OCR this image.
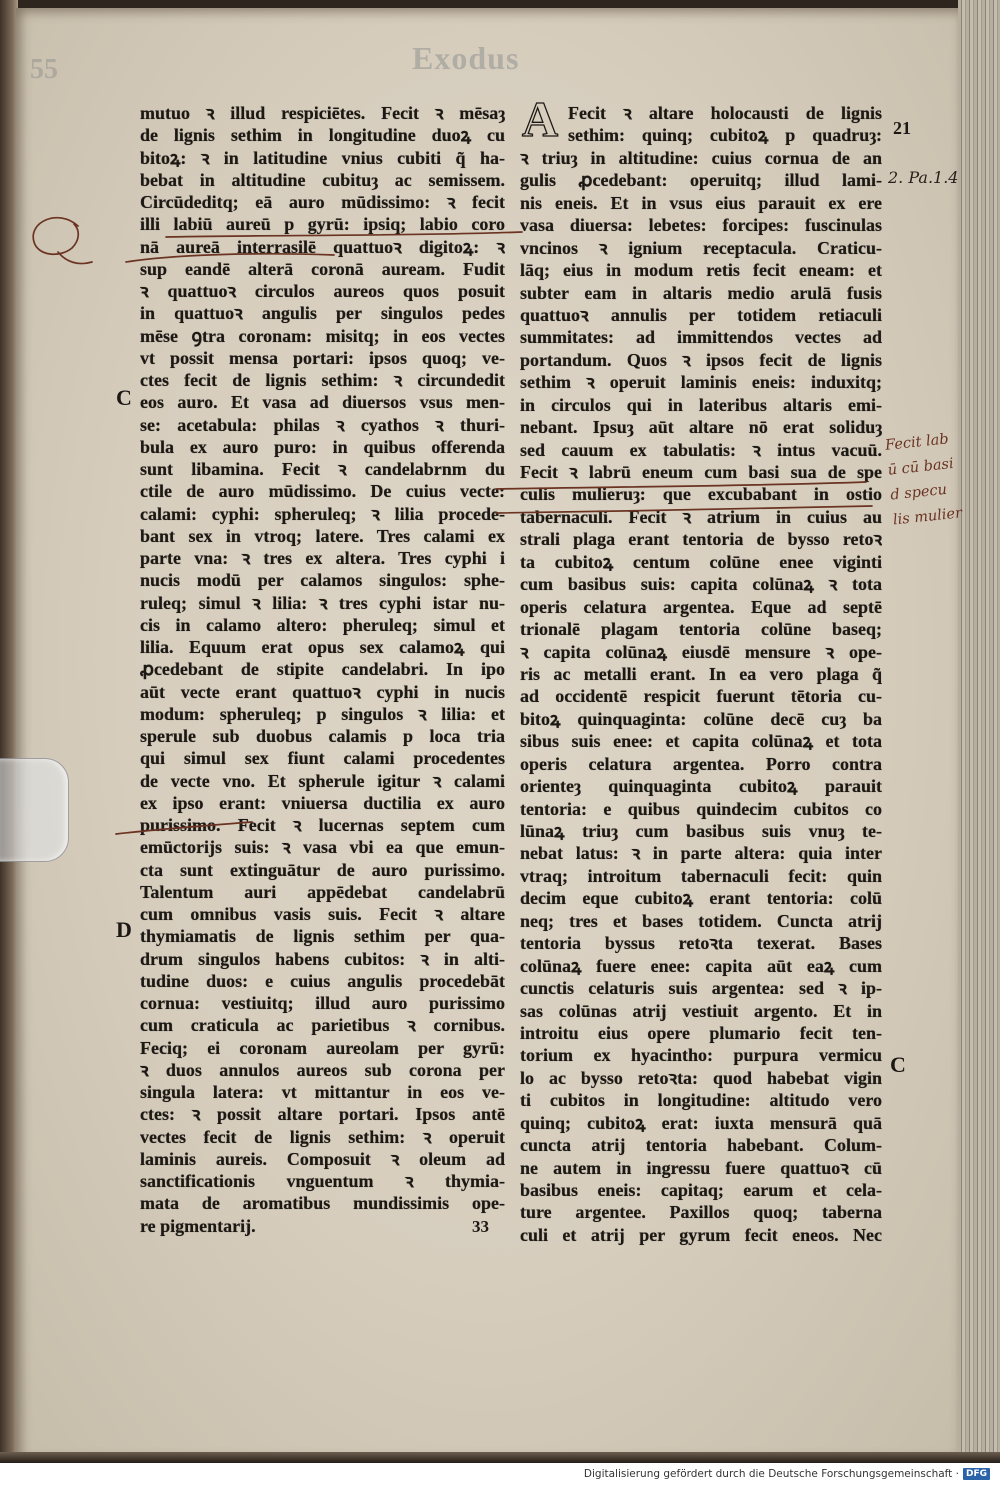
Exodus
55
mutuo ꝛ illud respiciētes. Fecit ꝛ mēsaȝ
de lignis sethim in longitudine duoꝝ cu
bitoꝝ: ꝛ in latitudine vnius cubiti q̃ ha-
bebat in altitudine cubituȝ ac semissem.
Circūdeditq; eā auro mūdissimo: ꝛ fecit
illi labiū aureū p gyrū: ipsiq; labio coro
nā aureā interrasilē quattuoꝛ digitoꝝ: ꝛ
sup eandē alterā coronā auream. Fudit
ꝛ quattuoꝛ circulos aureos quos posuit
in quattuoꝛ angulis per singulos pedes
mēse ꝯtra coronam: misitq; in eos vectes
vt possit mensa portari: ipsos quoq; ve-
ctes fecit de lignis sethim: ꝛ circundedit
eos auro. Et vasa ad diuersos vsus men-
se: acetabula: philas ꝛ cyathos ꝛ thuri-
bula ex auro puro: in quibus offerenda
sunt libamina. Fecit ꝛ candelabrnm du
ctile de auro mūdissimo. De cuius vecte:
calami: cyphi: spheruleq; ꝛ lilia procede-
bant sex in vtroq; latere. Tres calami ex
parte vna: ꝛ tres ex altera. Tres cyphi i
nucis modū per calamos singulos: sphe-
ruleq; simul ꝛ lilia: ꝛ tres cyphi istar nu-
cis in calamo altero: pheruleq; simul et
lilia. Equum erat opus sex calamoꝝ qui
ꝓcedebant de stipite candelabri. In ipo
aūt vecte erant quattuoꝛ cyphi in nucis
modum: spheruleq; p singulos ꝛ lilia: et
sperule sub duobus calamis p loca tria
qui simul sex fiunt calami procedentes
de vecte vno. Et spherule igitur ꝛ calami
ex ipso erant: vniuersa ductilia ex auro
purissimo. Fecit ꝛ lucernas septem cum
emūctorijs suis: ꝛ vasa vbi ea que emun-
cta sunt extinguātur de auro purissimo.
Talentum auri appēdebat candelabrū
cum omnibus vasis suis. Fecit ꝛ altare
thymiamatis de lignis sethim per qua-
drum singulos habens cubitos: ꝛ in alti-
tudine duos: e cuius angulis procedebāt
cornua: vestiuitq; illud auro purissimo
cum craticula ac parietibus ꝛ cornibus.
Feciq; ei coronam aureolam per gyrū:
ꝛ duos annulos aureos sub corona per
singula latera: vt mittantur in eos ve-
ctes: ꝛ possit altare portari. Ipsos antē
vectes fecit de lignis sethim: ꝛ operuit
laminis aureis. Composuit ꝛ oleum ad
sanctificationis vnguentum ꝛ thymia-
mata de aromatibus mundissimis ope-
re pigmentarij.	33
A Fecit ꝛ altare holocausti de lignis
sethim: quinq; cubitoꝝ p quadruȝ:
ꝛ triuȝ in altitudine: cuius cornua de an
gulis ꝓcedebant: operuitq; illud lami-
nis eneis. Et in vsus eius parauit ex ere
vasa diuersa: lebetes: forcipes: fuscinulas
vncinos ꝛ ignium receptacula. Craticu-
lāq; eius in modum retis fecit eneam: et
subter eam in altaris medio arulā fusis
quattuoꝛ annulis per totidem retiaculi
summitates: ad immittendos vectes ad
portandum. Quos ꝛ ipsos fecit de lignis
sethim ꝛ operuit laminis eneis: induxitq;
in circulos qui in lateribus altaris emi-
nebant. Ipsuȝ aūt altare nō erat soliduȝ
sed cauum ex tabulatis: ꝛ intus vacuū.
Fecit ꝛ labrū eneum cum basi sua de spe
culis mulieruȝ: que excubabant in ostio
tabernaculi. Fecit ꝛ atrium in cuius au
strali plaga erant tentoria de bysso retoꝛ
ta cubitoꝝ centum colūne enee viginti
cum basibus suis: capita colūnaꝝ ꝛ tota
operis celatura argentea. Eque ad septē
trionalē plagam tentoria colūne baseq;
ꝛ capita colūnaꝝ eiusdē mensure ꝛ ope-
ris ac metalli erant. In ea vero plaga q̃
ad occidentē respicit fuerunt tētoria cu-
bitoꝝ quinquaginta: colūne decē cuȝ ba
sibus suis enee: et capita colūnaꝝ et tota
operis celatura argentea. Porro contra
orienteȝ quinquaginta cubitoꝝ parauit
tentoria: e quibus quindecim cubitos co
lūnaꝝ triuȝ cum basibus suis vnuȝ te-
nebat latus: ꝛ in parte altera: quia inter
vtraq; introitum tabernaculi fecit: quin
decim eque cubitoꝝ erant tentoria: colū
neq; tres et bases totidem. Cuncta atrij
tentoria byssus retoꝛta texerat. Bases
colūnaꝝ fuere enee: capita aūt eaꝝ cum
cunctis celaturis suis argentea: sed ꝛ ip-
sas colūnas atrij vestiuit argento. Et in
introitu eius opere plumario fecit ten-
torium ex hyacintho: purpura vermicu
lo ac bysso retoꝛta: quod habebat vigin
ti cubitos in longitudine: altitudo vero
quinq; cubitoꝝ erat: iuxta mensurā quā
cuncta atrij tentoria habebant. Colum-
ne autem in ingressu fuere quattuoꝛ cū
basibus eneis: capitaq; earum et cela-
ture argentee. Paxillos quoq; taberna
culi et atrij per gyrum fecit eneos. Nec
C
D
C
21
2. Pa.1.4
Fecit lab
ū cū basi
d specu
lis mulier
Digitalisierung gefördert durch die Deutsche Forschungsgemeinschaft · DFG
